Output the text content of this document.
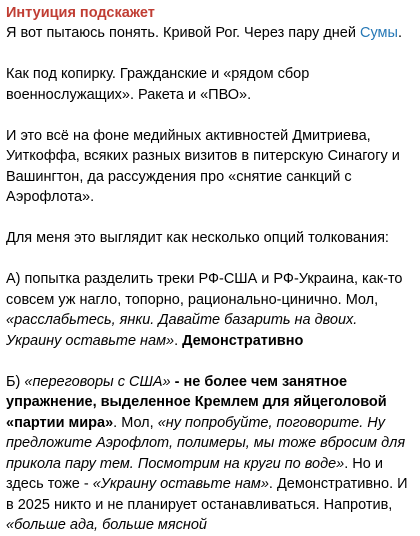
Интуиция подскажет

Я вот пытаюсь понять. Кривой Рог. Через пару дней Сумы.

Как под копирку. Гражданские и «рядом сбор военнослужащих». Ракета и «ПВО».

И это всё на фоне медийных активностей Дмитриева, Уиткоффа, всяких разных визитов в питерскую Синагогу и Вашингтон, да рассуждения про «снятие санкций с Аэрофлота».

Для меня это выглядит как несколько опций толкования:

А) попытка разделить треки РФ-США и РФ-Украина, как-то совсем уж нагло, топорно, рационально-цинично. Мол, «расслабьтесь, янки. Давайте базарить на двоих. Украину оставьте нам». Демонстративно

Б) «переговоры с США» - не более чем занятное упражнение, выделенное Кремлем для яйцеголовой «партии мира». Мол, «ну попробуйте, поговорите. Ну предложите Аэрофлот, полимеры, мы тоже вбросим для прикола пару тем. Посмотрим на круги по воде». Но и здесь тоже - «Украину оставьте нам». Демонстративно. И в 2025 никто и не планирует останавливаться. Напротив, «больше ада, больше мясной
